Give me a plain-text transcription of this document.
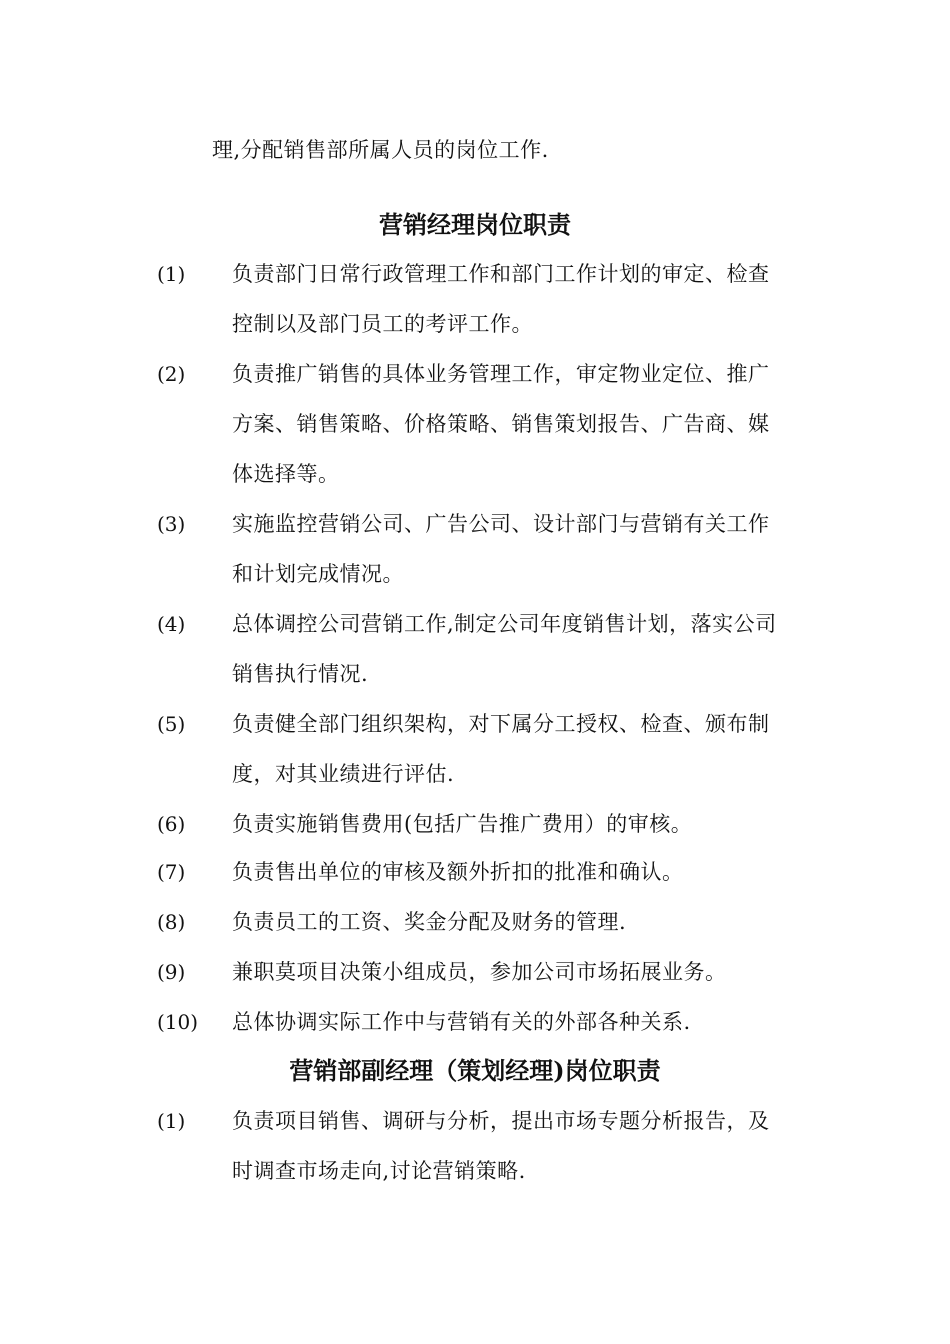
理,分配销售部所属人员的岗位工作.
营销经理岗位职责
(1) 负责部门日常行政管理工作和部门工作计划的审定、检查
控制以及部门员工的考评工作。
(2) 负责推广销售的具体业务管理工作，审定物业定位、推广
方案、销售策略、价格策略、销售策划报告、广告商、媒
体选择等。
(3) 实施监控营销公司、广告公司、设计部门与营销有关工作
和计划完成情况。
(4) 总体调控公司营销工作,制定公司年度销售计划，落实公司
销售执行情况.
(5) 负责健全部门组织架构，对下属分工授权、检查、颁布制
度，对其业绩进行评估.
(6) 负责实施销售费用(包括广告推广费用）的审核。
(7) 负责售出单位的审核及额外折扣的批准和确认。
(8) 负责员工的工资、奖金分配及财务的管理.
(9) 兼职莫项目决策小组成员，参加公司市场拓展业务。
(10) 总体协调实际工作中与营销有关的外部各种关系.
营销部副经理（策划经理)岗位职责
(1) 负责项目销售、调研与分析，提出市场专题分析报告，及
时调查市场走向,讨论营销策略.
